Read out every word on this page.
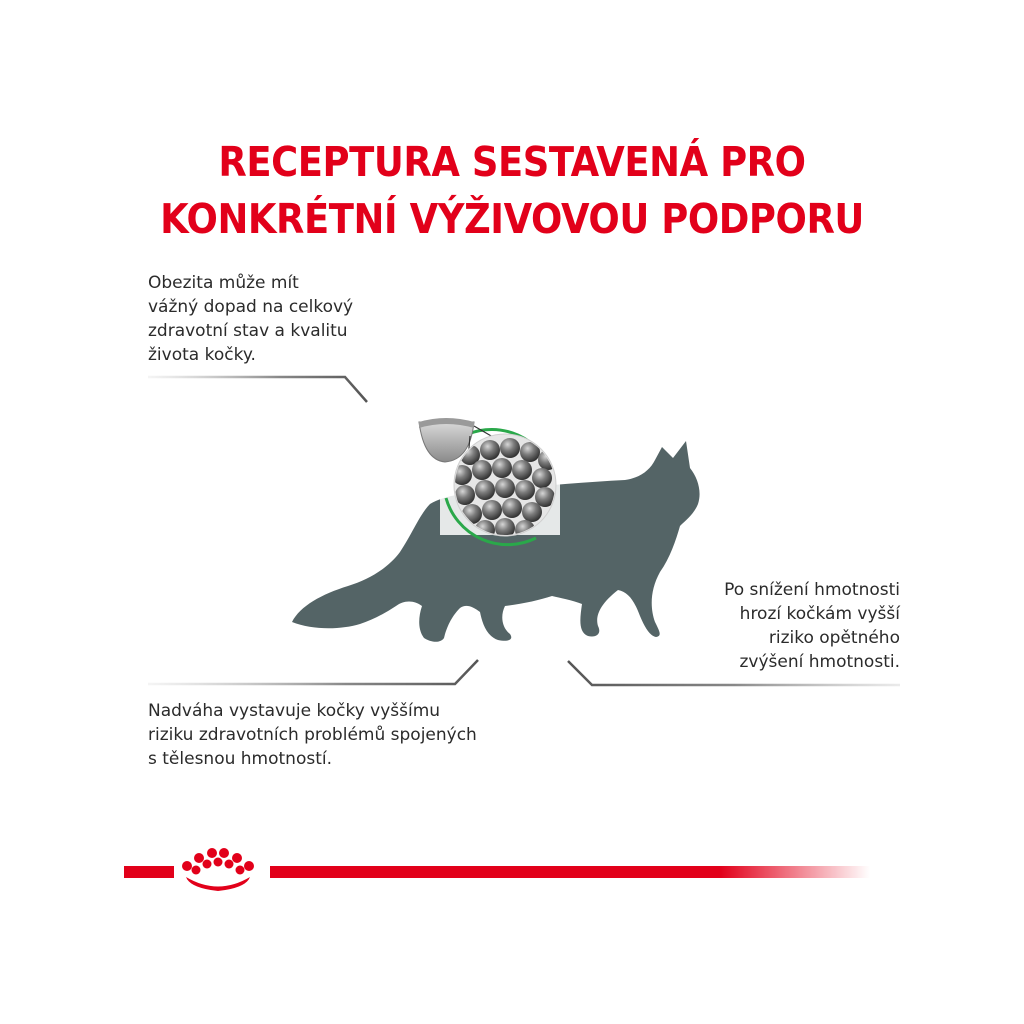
RECEPTURA SESTAVENÁ PRO
KONKRÉTNÍ VÝŽIVOVOU PODPORU

Obezita může mít
vážný dopad na celkový
zdravotní stav a kvalitu
života kočky.

Nadváha vystavuje kočky vyššímu
riziku zdravotních problémů spojených
s tělesnou hmotností.

Po snížení hmotnosti
hrozí kočkám vyšší
riziko opětného
zvýšení hmotnosti.
